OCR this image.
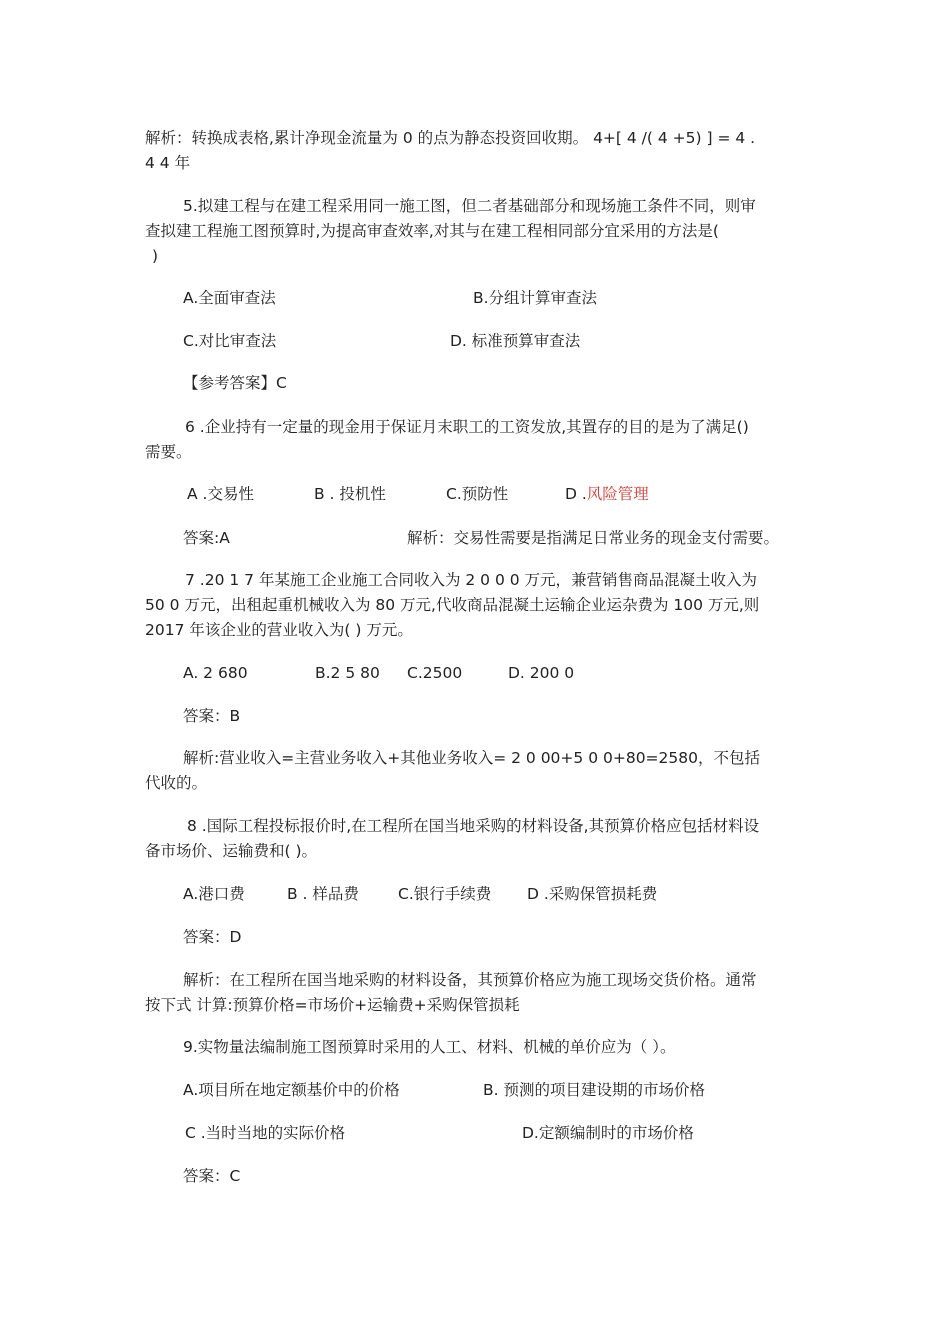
解析：转换成表格,累计净现金流量为 0 的点为静态投资回收期。 4+[ 4 /( 4 +5) ] = 4 .
4 4 年
5.拟建工程与在建工程采用同一施工图，但二者基础部分和现场施工条件不同，则审
查拟建工程施工图预算时,为提高审查效率,对其与在建工程相同部分宜采用的方法是(
)
A.全面审查法	B.分组计算审查法
C.对比审查法	D. 标准预算审查法
【参考答案】C
6 .企业持有一定量的现金用于保证月末职工的工资发放,其置存的目的是为了满足()
需要。
A .交易性	B . 投机性	C.预防性	D .风险管理
答案:A	解析：交易性需要是指满足日常业务的现金支付需要。
7 .20 1 7 年某施工企业施工合同收入为 2 0 0 0 万元，兼营销售商品混凝土收入为
50 0 万元，出租起重机械收入为 80 万元,代收商品混凝土运输企业运杂费为 100 万元,则
2017 年该企业的营业收入为( ) 万元。
A. 2 680	B.2 5 80 C.2500	D. 200 0
答案：B
解析:营业收入=主营业务收入+其他业务收入= 2 0 00+5 0 0+80=2580，不包括
代收的。
8 .国际工程投标报价时,在工程所在国当地采购的材料设备,其预算价格应包括材料设
备市场价、运输费和( )。
A.港口费	B . 样品费	C.银行手续费 D .采购保管损耗费
答案：D
解析：在工程所在国当地采购的材料设备，其预算价格应为施工现场交货价格。通常
按下式 计算:预算价格=市场价+运输费+采购保管损耗
9.实物量法编制施工图预算时采用的人工、材料、机械的单价应为（ ）。
A.项目所在地定额基价中的价格	B. 预测的项目建设期的市场价格
C .当时当地的实际价格	D.定额编制时的市场价格
答案：C
